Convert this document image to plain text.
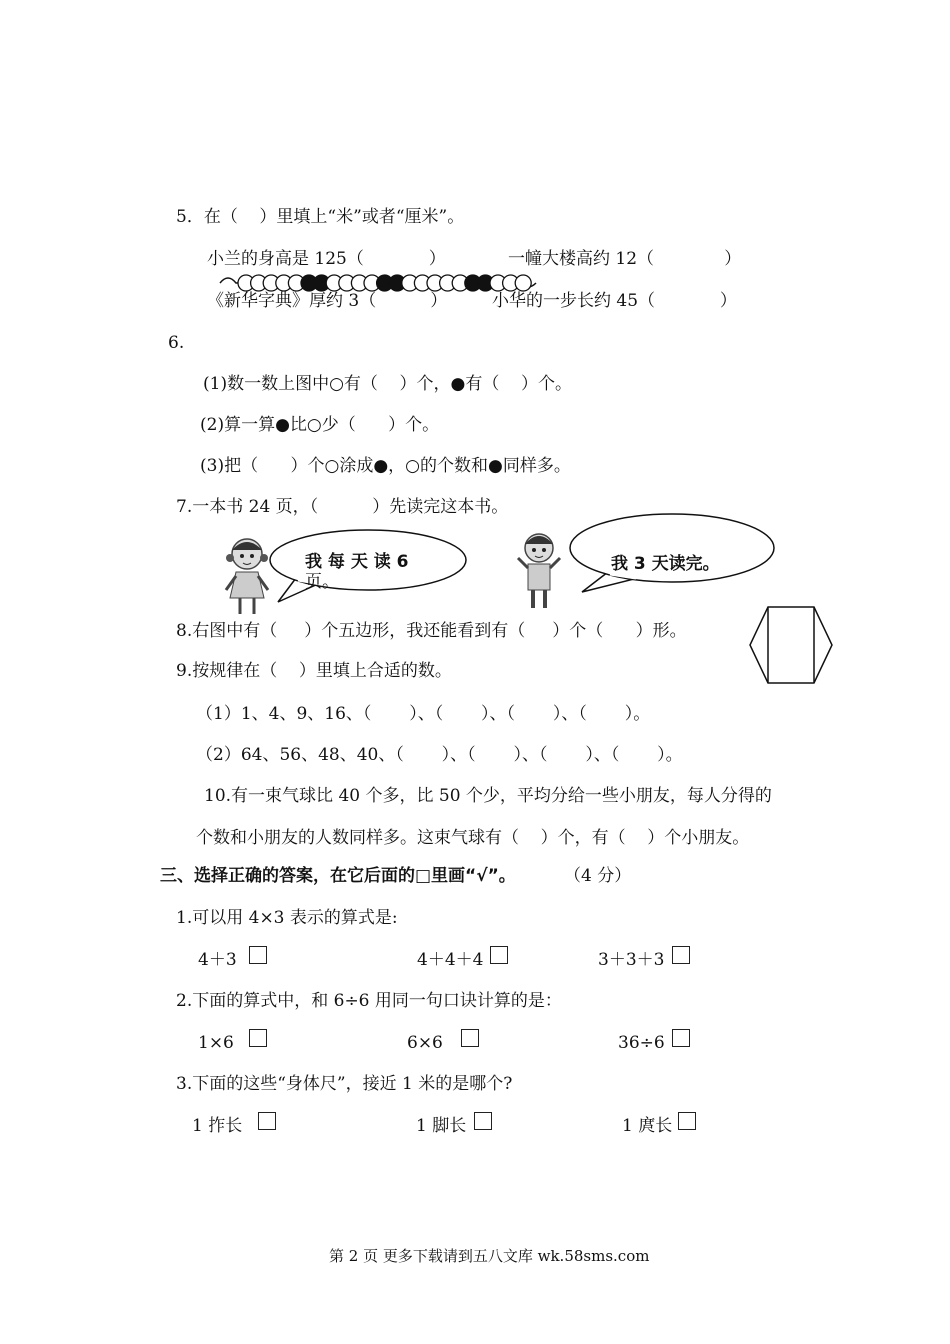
5．在（    ）里填上“米”或者“厘米”。
小兰的身高是 125（            ）	一幢大楼高约 12（             ）
《新华字典》厚约 3（          ）	小华的一步长约 45（            ）
6.
(1)数一数上图中○有（    ）个，●有（    ）个。
(2)算一算●比○少（      ）个。
(3)把（      ）个○涂成●，○的个数和●同样多。
7.一本书 24 页，（          ）先读完这本书。
我 每 天 读 6
页。
我 3 天读完。
8.右图中有（     ）个五边形，我还能看到有（     ）个（      ）形。
9.按规律在（    ）里填上合适的数。
（1）1、4、9、16、（       ）、（       ）、（       ）、（       ）。
（2）64、56、48、40、（       ）、（       ）、（       ）、（       ）。
10.有一束气球比 40 个多，比 50 个少，平均分给一些小朋友，每人分得的
个数和小朋友的人数同样多。这束气球有（    ）个，有（    ）个小朋友。
三、选择正确的答案，在它后面的□里画“√”。	（4 分）
1.可以用 4×3 表示的算式是:
4＋3	4＋4＋4	3＋3＋3
2.下面的算式中，和 6÷6 用同一句口诀计算的是：
1×6	6×6	36÷6
3.下面的这些“身体尺”，接近 1 米的是哪个?
1 拃长	1 脚长	1 庹长
第 2 页 更多下载请到五八文库 wk.58sms.com
